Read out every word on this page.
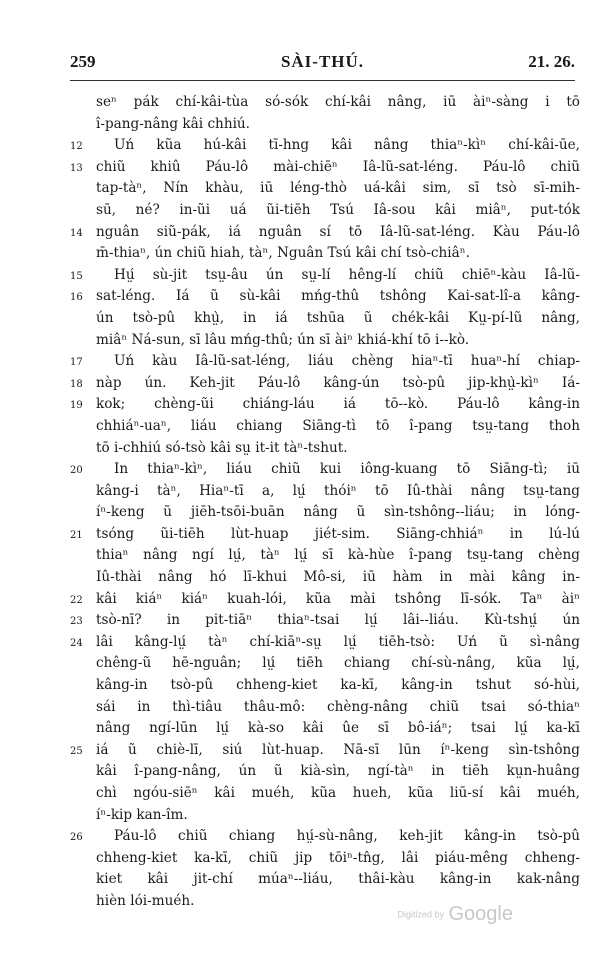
259	SÀI-THÚ.	21. 26.
seⁿ pák chí-kâi-tùa só-sók chí-kâi nâng, iū àiⁿ-sàng i tō
î-pang-nâng kâi chhiú.
12	Uń kũa hú-kâi tī-hng kâi nâng thiaⁿ-kìⁿ chí-kâi-ūe,
13 chiũ khiû Páu-lô mài-chiēⁿ Iâ-lũ-sat-léng. Páu-lô chiũ
tap-tàⁿ, Nín khàu, iū léng-thò uá-kâi sim, sī tsò sī-mih-
sū, né? in-ũi uá ũi-tiēh Tsú Iâ-sou kâi miâⁿ, put-tók
14 nguân siũ-pák, iá nguân sí tō Iâ-lũ-sat-léng. Kàu Páu-lô
m̄-thiaⁿ, ún chiũ hiah, tàⁿ, Nguân Tsú kâi chí tsò-chiâⁿ.
15	Hṳ́ sù-jit tsṳ-âu ún sṳ-lí hêng-lí chiũ chiēⁿ-kàu Iâ-lũ-
16 sat-léng. Iá ũ sù-kâi mńg-thû tshông Kai-sat-lî-a kâng-
ún tsò-pû khṳ̀, in iá tshūa ũ chék-kâi Kṳ-pí-lũ nâng,
miâⁿ Ná-sun, sī lâu mńg-thû; ún sī àiⁿ khiá-khí tō i--kò.
17	Uń kàu Iâ-lũ-sat-léng, liáu chèng hiaⁿ-tī huaⁿ-hí chiap-
18 nàp ún. Keh-jit Páu-lô kâng-ún tsò-pû jip-khṳ̀-kìⁿ Iá-
19 kok; chèng-ũi chiáng-láu iá tō--kò. Páu-lô kâng-in
chhiáⁿ-uaⁿ, liáu chiang Siāng-tì tō î-pang tsṳ-tang thoh
tō i-chhiú só-tsò kâi sṳ it-it tàⁿ-tshut.
20	In thiaⁿ-kìⁿ, liáu chiũ kui iông-kuang tō Siāng-tì; iū
kâng-i tàⁿ, Hiaⁿ-tī a, lṳ́ thóiⁿ tō Iû-thài nâng tsṳ-tang
íⁿ-keng ũ jiēh-tsōi-buān nâng ũ sìn-tshông--liáu; in lóng-
21 tsóng ũi-tiēh lùt-huap jiét-sim. Siāng-chhiáⁿ in lú-lú
thiaⁿ nâng ngí lṳ́, tàⁿ lṳ́ sī kà-hùe î-pang tsṳ-tang chèng
Iû-thài nâng hó lī-khui Mô-si, iū hàm in mài kâng in-
22 kâi kiáⁿ kiáⁿ kuah-lói, kũa mài tshông lī-sók. Taⁿ àiⁿ
23 tsò-nī? in pit-tiāⁿ thiaⁿ-tsai lṳ́ lâi--liáu. Kù-tshṳ́ ún
24 lâi kâng-lṳ́ tàⁿ chí-kiāⁿ-sṳ lṳ́ tiēh-tsò: Uń ũ sì-nâng
chêng-ũ hē-nguân; lṳ́ tiēh chiang chí-sù-nâng, kũa lṳ́,
kâng-in tsò-pû chheng-kiet ka-kī, kâng-in tshut só-hùi,
sái in thì-tiâu thâu-mô: chèng-nâng chiũ tsai só-thiaⁿ
nâng ngí-lūn lṳ́ kà-so kâi ûe sī bô-iáⁿ; tsai lṳ́ ka-kī
25 iá ũ chiè-lī, siú lùt-huap. Nā-sī lūn íⁿ-keng sìn-tshông
kâi î-pang-nâng, ún ũ kià-sìn, ngí-tàⁿ in tiēh kṳn-huâng
chì ngóu-siēⁿ kâi muéh, kũa hueh, kũa liū-sí kâi muéh,
íⁿ-kip kan-îm.
26	Páu-lô chiũ chiang hṳ́-sù-nâng, keh-jit kâng-in tsò-pû
chheng-kiet ka-kī, chiũ jip tōiⁿ-tn̂g, lâi piáu-mêng chheng-
kiet kâi jit-chí múaⁿ--liáu, thâi-kàu kâng-in kak-nâng
hièn lói-muéh.
Digitized by Google
